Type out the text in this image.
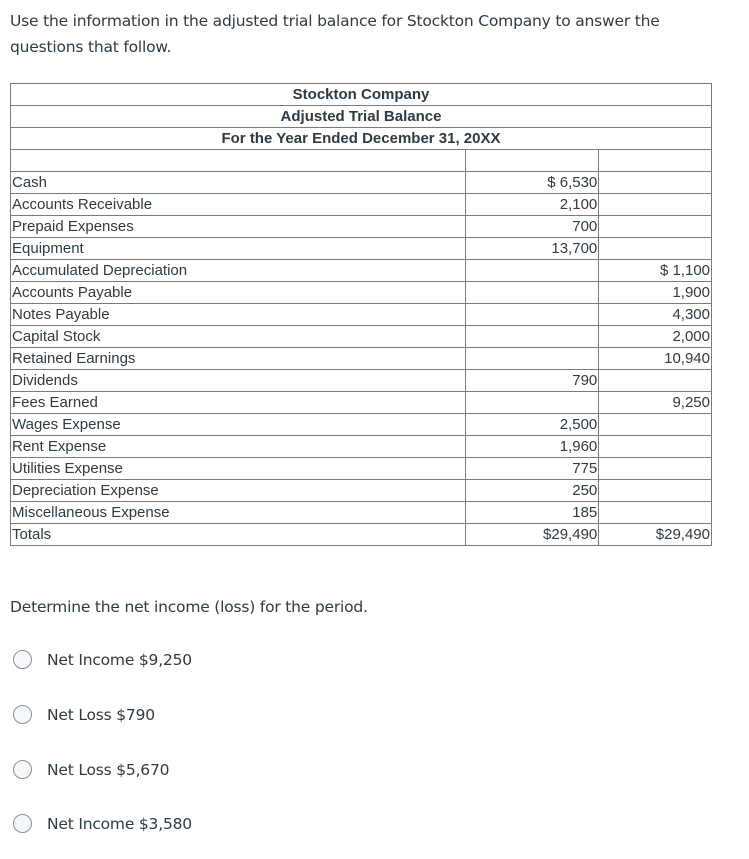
Use the information in the adjusted trial balance for Stockton Company to answer the questions that follow.
Stockton Company		
Adjusted Trial Balance		
For the Year Ended December 31, 20XX		

Cash	$ 6,530	
Accounts Receivable	2,100	
Prepaid Expenses	700	
Equipment	13,700	
Accumulated Depreciation		$ 1,100
Accounts Payable		1,900
Notes Payable		4,300
Capital Stock		2,000
Retained Earnings		10,940
Dividends	790	
Fees Earned		9,250
Wages Expense	2,500	
Rent Expense	1,960	
Utilities Expense	775	
Depreciation Expense	250	
Miscellaneous Expense	185	
Totals	$29,490	$29,490
Determine the net income (loss) for the period.
Net Income $9,250
Net Loss $790
Net Loss $5,670
Net Income $3,580
